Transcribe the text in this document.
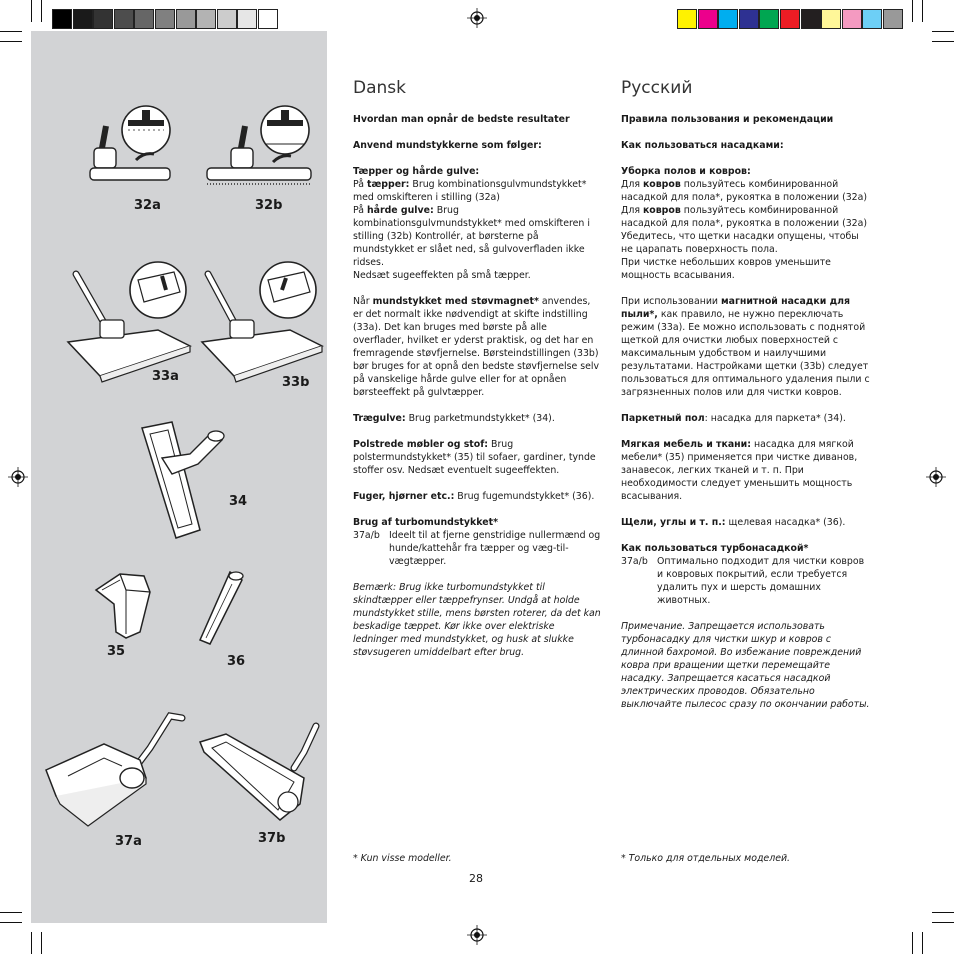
32a	32b
33a	33b
34
35
36
37a	37b
Dansk

Hvordan man opnår de bedste resultater

Anvend mundstykkerne som følger:

Tæpper og hårde gulve:
På tæpper: Brug kombinationsgulvmundstykket* med omskifteren i stilling (32a)
På hårde gulve: Brug kombinationsgulvmundstykket* med omskifteren i stilling (32b) Kontrollér, at børsterne på mundstykket er slået ned, så gulvoverfladen ikke ridses.
Nedsæt sugeeffekten på små tæpper.

Når mundstykket med støvmagnet* anvendes, er det normalt ikke nødvendigt at skifte indstilling (33a). Det kan bruges med børste på alle overflader, hvilket er yderst praktisk, og det har en fremragende støvfjernelse. Børsteindstillingen (33b) bør bruges for at opnå den bedste støvfjernelse selv på vanskelige hårde gulve eller for at opnåen børsteeffekt på gulvtæpper.

Trægulve: Brug parketmundstykket* (34).

Polstrede møbler og stof: Brug polstermundstykket* (35) til sofaer, gardiner, tynde stoffer osv. Nedsæt eventuelt sugeeffekten.

Fuger, hjørner etc.: Brug fugemundstykket* (36).

Brug af turbomundstykket*
37a/b Ideelt til at fjerne genstridige nullermænd og hunde/kattehår fra tæpper og væg-til-vægtæpper.

Bemærk: Brug ikke turbomundstykket til skindtæpper eller tæppefrynser. Undgå at holde mundstykket stille, mens børsten roterer, da det kan beskadige tæppet. Kør ikke over elektriske ledninger med mundstykket, og husk at slukke støvsugeren umiddelbart efter brug.

* Kun visse modeller.
Русский

Правила пользования и рекомендации

Как пользоваться насадками:

Уборка полов и ковров:
Для ковров пользуйтесь комбинированной насадкой для пола*, рукоятка в положении (32a)
Для ковров пользуйтесь комбинированной насадкой для пола*, рукоятка в положении (32a) Убедитесь, что щетки насадки опущены, чтобы не царапать поверхность пола.
При чистке небольших ковров уменьшите мощность всасывания.

При использовании магнитной насадки для пыли*, как правило, не нужно переключать режим (33a). Ее можно использовать с поднятой щеткой для очистки любых поверхностей с максимальным удобством и наилучшими результатами. Настройками щетки (33b) следует пользоваться для оптимального удаления пыли с загрязненных полов или для чистки ковров.

Паркетный пол: насадка для паркета* (34).

Мягкая мебель и ткани: насадка для мягкой мебели* (35) применяется при чистке диванов, занавесок, легких тканей и т. п. При необходимости следует уменьшить мощность всасывания.

Щели, углы и т. п.: щелевая насадка* (36).

Как пользоваться турбонасадкой*
37a/b Оптимально подходит для чистки ковров и ковровых покрытий, если требуется удалить пух и шерсть домашних животных.

Примечание. Запрещается использовать турбонасадку для чистки шкур и ковров с длинной бахромой. Во избежание повреждений ковра при вращении щетки перемещайте насадку. Запрещается касаться насадкой электрических проводов. Обязательно выключайте пылесос сразу по окончании работы.

* Только для отдельных моделей.
28
